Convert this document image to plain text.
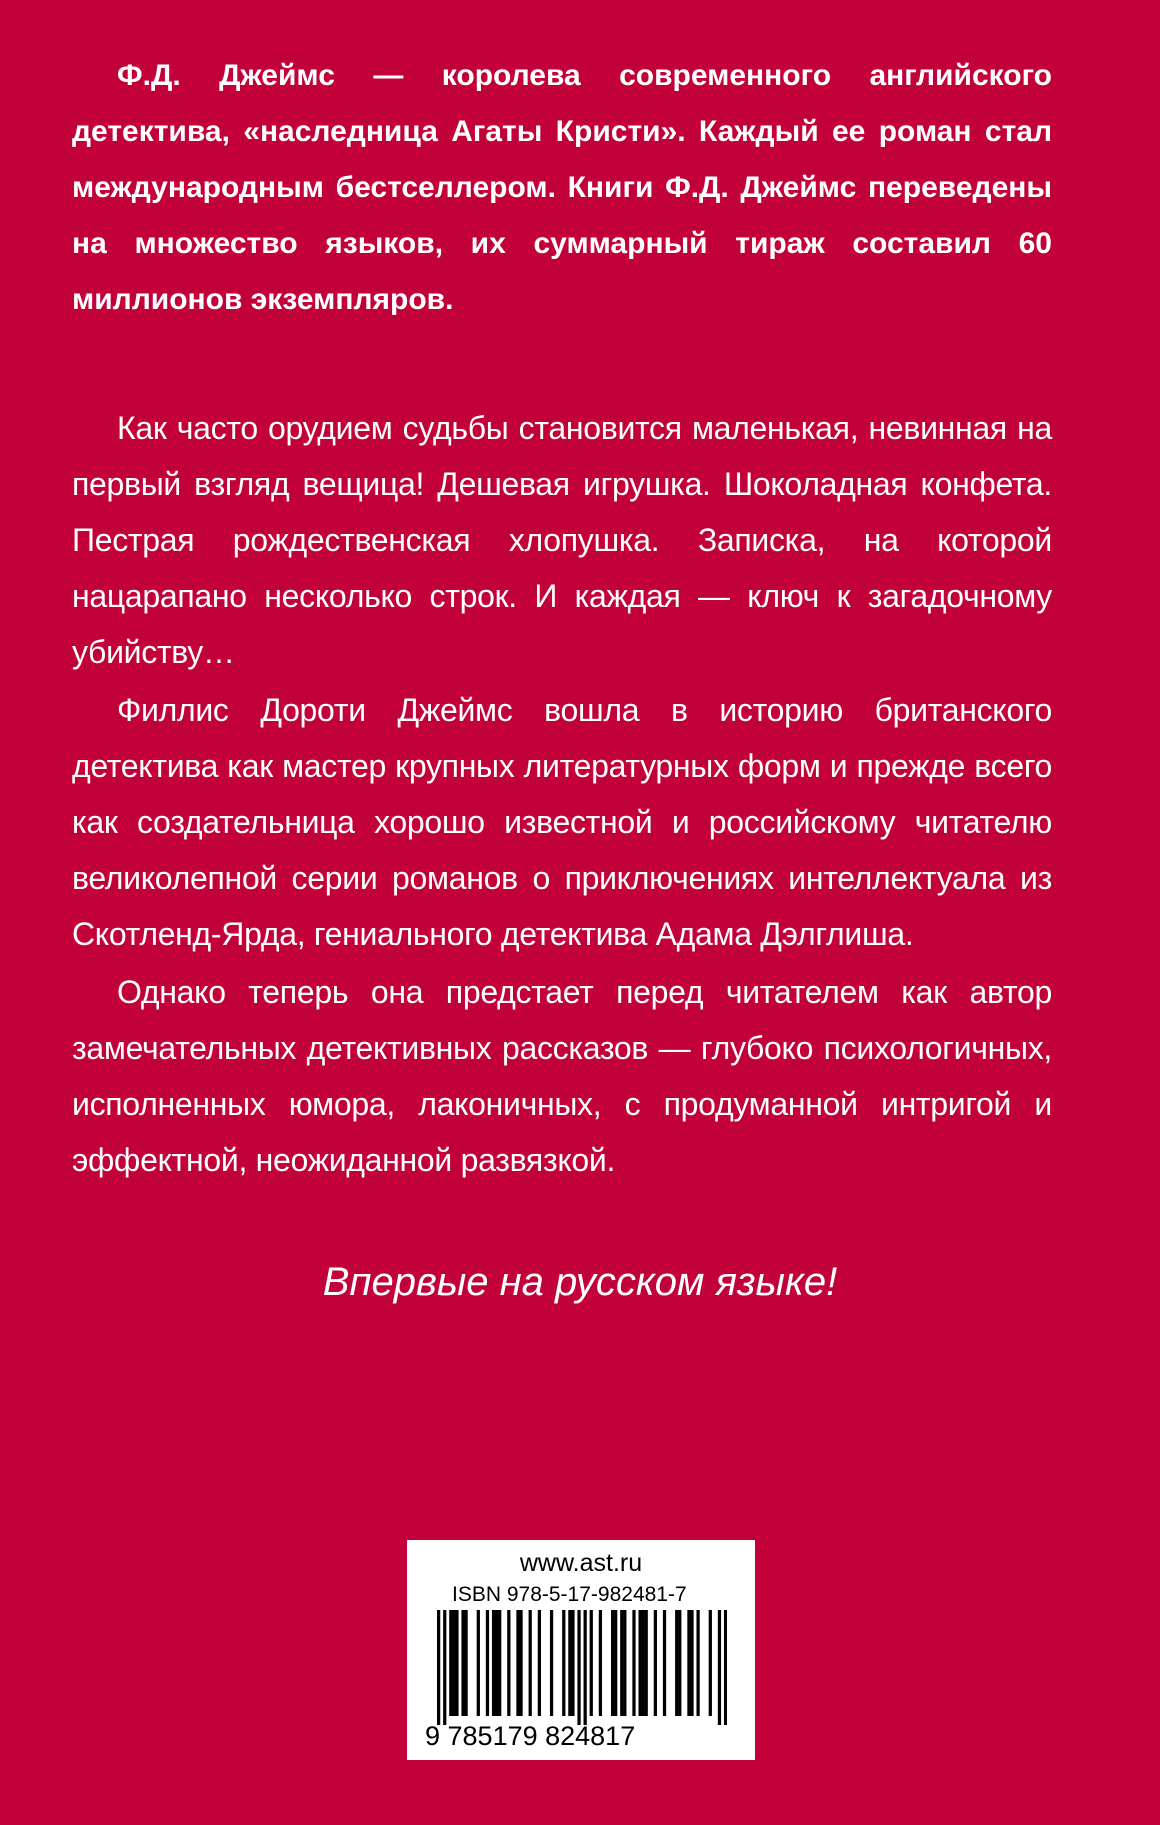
Ф.Д. Джеймс — королева современного английского детектива, «наследница Агаты Кристи». Каждый ее роман стал международным бестселлером. Книги Ф.Д. Джеймс переведены на множество языков, их суммарный тираж составил 60 миллионов экземпляров.

Как часто орудием судьбы становится маленькая, невинная на первый взгляд вещица! Дешевая игрушка. Шоколадная конфета. Пестрая рождественская хлопушка. Записка, на которой нацарапано несколько строк. И каждая — ключ к загадочному убийству…

Филлис Дороти Джеймс вошла в историю британского детектива как мастер крупных литературных форм и прежде всего как создательница хорошо известной и российскому читателю великолепной серии романов о приключениях интеллектуала из Скотленд-Ярда, гениального детектива Адама Дэлглиша.

Однако теперь она предстает перед читателем как автор замечательных детективных рассказов — глубоко психологичных, исполненных юмора, лаконичных, с продуманной интригой и эффектной, неожиданной развязкой.

Впервые на русском языке!
www.ast.ru
ISBN 978-5-17-982481-7
9 785179 824817
